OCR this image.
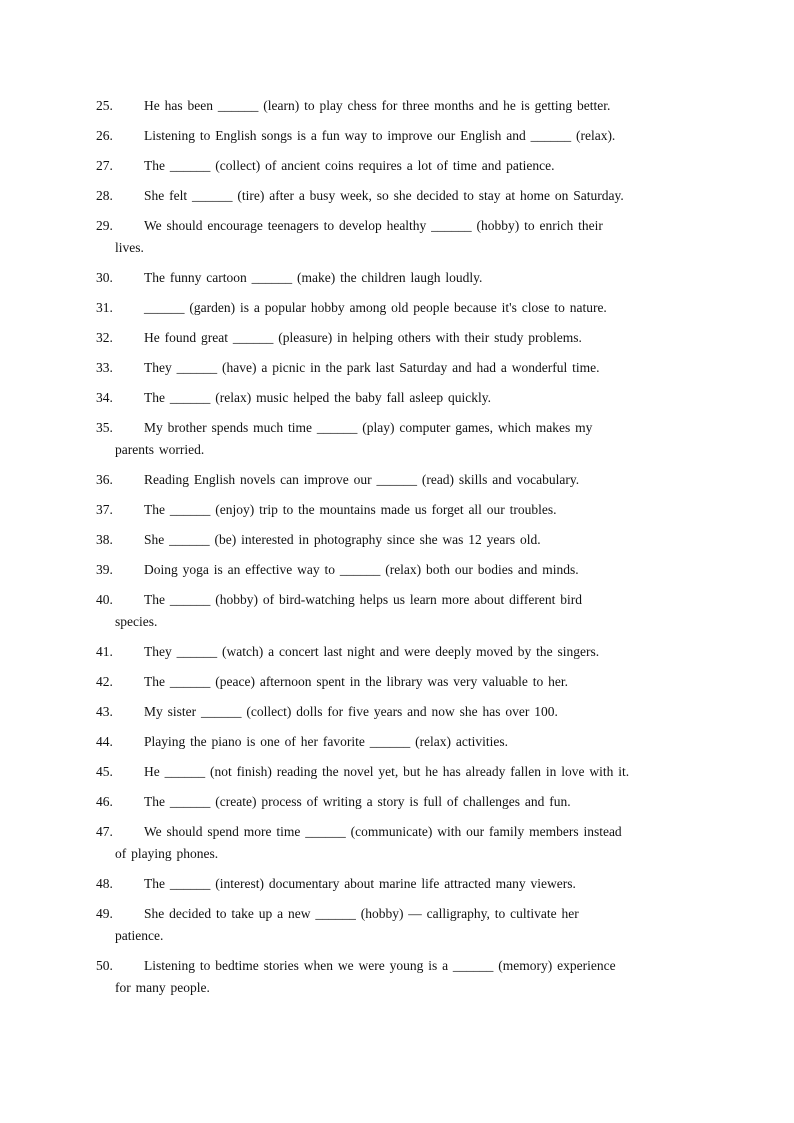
25. He has been ______ (learn) to play chess for three months and he is getting better.
26. Listening to English songs is a fun way to improve our English and ______ (relax).
27. The ______ (collect) of ancient coins requires a lot of time and patience.
28. She felt ______ (tire) after a busy week, so she decided to stay at home on Saturday.
29. We should encourage teenagers to develop healthy ______ (hobby) to enrich their
lives.
30. The funny cartoon ______ (make) the children laugh loudly.
31. ______ (garden) is a popular hobby among old people because it's close to nature.
32. He found great ______ (pleasure) in helping others with their study problems.
33. They ______ (have) a picnic in the park last Saturday and had a wonderful time.
34. The ______ (relax) music helped the baby fall asleep quickly.
35. My brother spends much time ______ (play) computer games, which makes my
parents worried.
36. Reading English novels can improve our ______ (read) skills and vocabulary.
37. The ______ (enjoy) trip to the mountains made us forget all our troubles.
38. She ______ (be) interested in photography since she was 12 years old.
39. Doing yoga is an effective way to ______ (relax) both our bodies and minds.
40. The ______ (hobby) of bird-watching helps us learn more about different bird
species.
41. They ______ (watch) a concert last night and were deeply moved by the singers.
42. The ______ (peace) afternoon spent in the library was very valuable to her.
43. My sister ______ (collect) dolls for five years and now she has over 100.
44. Playing the piano is one of her favorite ______ (relax) activities.
45. He ______ (not finish) reading the novel yet, but he has already fallen in love with it.
46. The ______ (create) process of writing a story is full of challenges and fun.
47. We should spend more time ______ (communicate) with our family members instead
of playing phones.
48. The ______ (interest) documentary about marine life attracted many viewers.
49. She decided to take up a new ______ (hobby) — calligraphy, to cultivate her
patience.
50. Listening to bedtime stories when we were young is a ______ (memory) experience
for many people.
